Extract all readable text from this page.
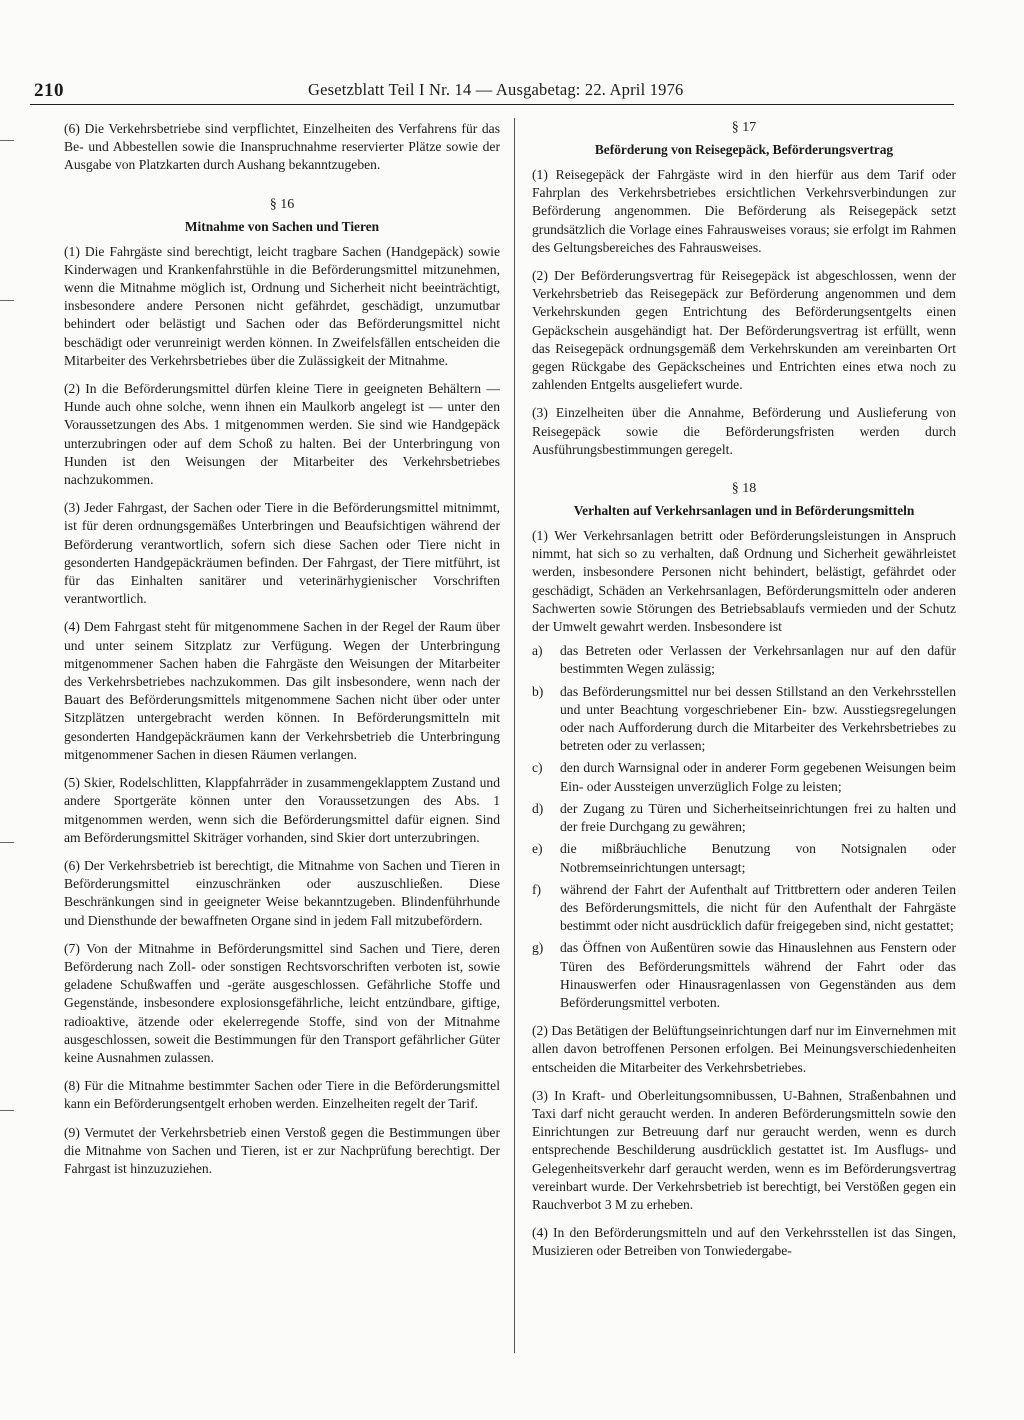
210	Gesetzblatt Teil I Nr. 14 — Ausgabetag: 22. April 1976

(6) Die Verkehrsbetriebe sind verpflichtet, Einzelheiten des Verfahrens für das Be- und Abbestellen sowie die Inanspruchnahme reservierter Plätze sowie der Ausgabe von Platzkarten durch Aushang bekanntzugeben.

§ 16
Mitnahme von Sachen und Tieren

(1) Die Fahrgäste sind berechtigt, leicht tragbare Sachen (Handgepäck) sowie Kinderwagen und Krankenfahrstühle in die Beförderungsmittel mitzunehmen, wenn die Mitnahme möglich ist, Ordnung und Sicherheit nicht beeinträchtigt, insbesondere andere Personen nicht gefährdet, geschädigt, unzumutbar behindert oder belästigt und Sachen oder das Beförderungsmittel nicht beschädigt oder verunreinigt werden können. In Zweifelsfällen entscheiden die Mitarbeiter des Verkehrsbetriebes über die Zulässigkeit der Mitnahme.

(2) In die Beförderungsmittel dürfen kleine Tiere in geeigneten Behältern — Hunde auch ohne solche, wenn ihnen ein Maulkorb angelegt ist — unter den Voraussetzungen des Abs. 1 mitgenommen werden. Sie sind wie Handgepäck unterzubringen oder auf dem Schoß zu halten. Bei der Unterbringung von Hunden ist den Weisungen der Mitarbeiter des Verkehrsbetriebes nachzukommen.

(3) Jeder Fahrgast, der Sachen oder Tiere in die Beförderungsmittel mitnimmt, ist für deren ordnungsgemäßes Unterbringen und Beaufsichtigen während der Beförderung verantwortlich, sofern sich diese Sachen oder Tiere nicht in gesonderten Handgepäckräumen befinden. Der Fahrgast, der Tiere mitführt, ist für das Einhalten sanitärer und veterinärhygienischer Vorschriften verantwortlich.

(4) Dem Fahrgast steht für mitgenommene Sachen in der Regel der Raum über und unter seinem Sitzplatz zur Verfügung. Wegen der Unterbringung mitgenommener Sachen haben die Fahrgäste den Weisungen der Mitarbeiter des Verkehrsbetriebes nachzukommen. Das gilt insbesondere, wenn nach der Bauart des Beförderungsmittels mitgenommene Sachen nicht über oder unter Sitzplätzen untergebracht werden können. In Beförderungsmitteln mit gesonderten Handgepäckräumen kann der Verkehrsbetrieb die Unterbringung mitgenommener Sachen in diesen Räumen verlangen.

(5) Skier, Rodelschlitten, Klappfahrräder in zusammengeklapptem Zustand und andere Sportgeräte können unter den Voraussetzungen des Abs. 1 mitgenommen werden, wenn sich die Beförderungsmittel dafür eignen. Sind am Beförderungsmittel Skiträger vorhanden, sind Skier dort unterzubringen.

(6) Der Verkehrsbetrieb ist berechtigt, die Mitnahme von Sachen und Tieren in Beförderungsmittel einzuschränken oder auszuschließen. Diese Beschränkungen sind in geeigneter Weise bekanntzugeben. Blindenführhunde und Diensthunde der bewaffneten Organe sind in jedem Fall mitzubefördern.

(7) Von der Mitnahme in Beförderungsmittel sind Sachen und Tiere, deren Beförderung nach Zoll- oder sonstigen Rechtsvorschriften verboten ist, sowie geladene Schußwaffen und -geräte ausgeschlossen. Gefährliche Stoffe und Gegenstände, insbesondere explosionsgefährliche, leicht entzündbare, giftige, radioaktive, ätzende oder ekelerregende Stoffe, sind von der Mitnahme ausgeschlossen, soweit die Bestimmungen für den Transport gefährlicher Güter keine Ausnahmen zulassen.

(8) Für die Mitnahme bestimmter Sachen oder Tiere in die Beförderungsmittel kann ein Beförderungsentgelt erhoben werden. Einzelheiten regelt der Tarif.

(9) Vermutet der Verkehrsbetrieb einen Verstoß gegen die Bestimmungen über die Mitnahme von Sachen und Tieren, ist er zur Nachprüfung berechtigt. Der Fahrgast ist hinzuzuziehen.

§ 17
Beförderung von Reisegepäck, Beförderungsvertrag

(1) Reisegepäck der Fahrgäste wird in den hierfür aus dem Tarif oder Fahrplan des Verkehrsbetriebes ersichtlichen Verkehrsverbindungen zur Beförderung angenommen. Die Beförderung als Reisegepäck setzt grundsätzlich die Vorlage eines Fahrausweises voraus; sie erfolgt im Rahmen des Geltungsbereiches des Fahrausweises.

(2) Der Beförderungsvertrag für Reisegepäck ist abgeschlossen, wenn der Verkehrsbetrieb das Reisegepäck zur Beförderung angenommen und dem Verkehrskunden gegen Entrichtung des Beförderungsentgelts einen Gepäckschein ausgehändigt hat. Der Beförderungsvertrag ist erfüllt, wenn das Reisegepäck ordnungsgemäß dem Verkehrskunden am vereinbarten Ort gegen Rückgabe des Gepäckscheines und Entrichten eines etwa noch zu zahlenden Entgelts ausgeliefert wurde.

(3) Einzelheiten über die Annahme, Beförderung und Auslieferung von Reisegepäck sowie die Beförderungsfristen werden durch Ausführungsbestimmungen geregelt.

§ 18
Verhalten auf Verkehrsanlagen und in Beförderungsmitteln

(1) Wer Verkehrsanlagen betritt oder Beförderungsleistungen in Anspruch nimmt, hat sich so zu verhalten, daß Ordnung und Sicherheit gewährleistet werden, insbesondere Personen nicht behindert, belästigt, gefährdet oder geschädigt, Schäden an Verkehrsanlagen, Beförderungsmitteln oder anderen Sachwerten sowie Störungen des Betriebsablaufs vermieden und der Schutz der Umwelt gewahrt werden. Insbesondere ist

a)	das Betreten oder Verlassen der Verkehrsanlagen nur auf den dafür bestimmten Wegen zulässig;
b)	das Beförderungsmittel nur bei dessen Stillstand an den Verkehrsstellen und unter Beachtung vorgeschriebener Ein- bzw. Ausstiegsregelungen oder nach Aufforderung durch die Mitarbeiter des Verkehrsbetriebes zu betreten oder zu verlassen;
c)	den durch Warnsignal oder in anderer Form gegebenen Weisungen beim Ein- oder Aussteigen unverzüglich Folge zu leisten;
d)	der Zugang zu Türen und Sicherheitseinrichtungen frei zu halten und der freie Durchgang zu gewähren;
e)	die mißbräuchliche Benutzung von Notsignalen oder Notbremseinrichtungen untersagt;
f)	während der Fahrt der Aufenthalt auf Trittbrettern oder anderen Teilen des Beförderungsmittels, die nicht für den Aufenthalt der Fahrgäste bestimmt oder nicht ausdrücklich dafür freigegeben sind, nicht gestattet;
g)	das Öffnen von Außentüren sowie das Hinauslehnen aus Fenstern oder Türen des Beförderungsmittels während der Fahrt oder das Hinauswerfen oder Hinausragenlassen von Gegenständen aus dem Beförderungsmittel verboten.

(2) Das Betätigen der Belüftungseinrichtungen darf nur im Einvernehmen mit allen davon betroffenen Personen erfolgen. Bei Meinungsverschiedenheiten entscheiden die Mitarbeiter des Verkehrsbetriebes.

(3) In Kraft- und Oberleitungsomnibussen, U-Bahnen, Straßenbahnen und Taxi darf nicht geraucht werden. In anderen Beförderungsmitteln sowie den Einrichtungen zur Betreuung darf nur geraucht werden, wenn es durch entsprechende Beschilderung ausdrücklich gestattet ist. Im Ausflugs- und Gelegenheitsverkehr darf geraucht werden, wenn es im Beförderungsvertrag vereinbart wurde. Der Verkehrsbetrieb ist berechtigt, bei Verstößen gegen ein Rauchverbot 3 M zu erheben.

(4) In den Beförderungsmitteln und auf den Verkehrsstellen ist das Singen, Musizieren oder Betreiben von Tonwiedergabe-
